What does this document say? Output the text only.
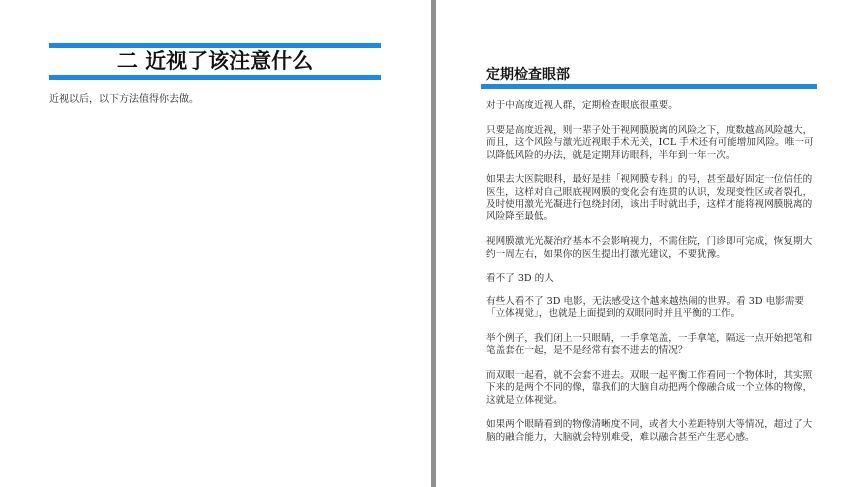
二 近视了该注意什么

近视以后，以下方法值得你去做。

定期检查眼部

对于中高度近视人群，定期检查眼底很重要。

只要是高度近视，则一辈子处于视网膜脱离的风险之下，度数越高风险越大，而且，这个风险与激光近视眼手术无关，ICL 手术还有可能增加风险。唯一可以降低风险的办法，就是定期拜访眼科，半年到一年一次。

如果去大医院眼科，最好是挂「视网膜专科」的号，甚至最好固定一位信任的医生，这样对自己眼底视网膜的变化会有连贯的认识，发现变性区或者裂孔，及时使用激光光凝进行包绕封闭，该出手时就出手，这样才能将视网膜脱离的风险降至最低。

视网膜激光光凝治疗基本不会影响视力，不需住院，门诊即可完成，恢复期大约一周左右，如果你的医生提出打激光建议，不要犹豫。

看不了 3D 的人

有些人看不了 3D 电影，无法感受这个越来越热闹的世界。看 3D 电影需要「立体视觉」，也就是上面提到的双眼同时并且平衡的工作。

举个例子，我们闭上一只眼睛，一手拿笔盖，一手拿笔，隔远一点开始把笔和笔盖套在一起，是不是经常有套不进去的情况？

而双眼一起看，就不会套不进去。双眼一起平衡工作看同一个物体时，其实照下来的是两个不同的像，靠我们的大脑自动把两个像融合成一个立体的物像，这就是立体视觉。

如果两个眼睛看到的物像清晰度不同，或者大小差距特别大等情况，超过了大脑的融合能力，大脑就会特别难受，难以融合甚至产生恶心感。
